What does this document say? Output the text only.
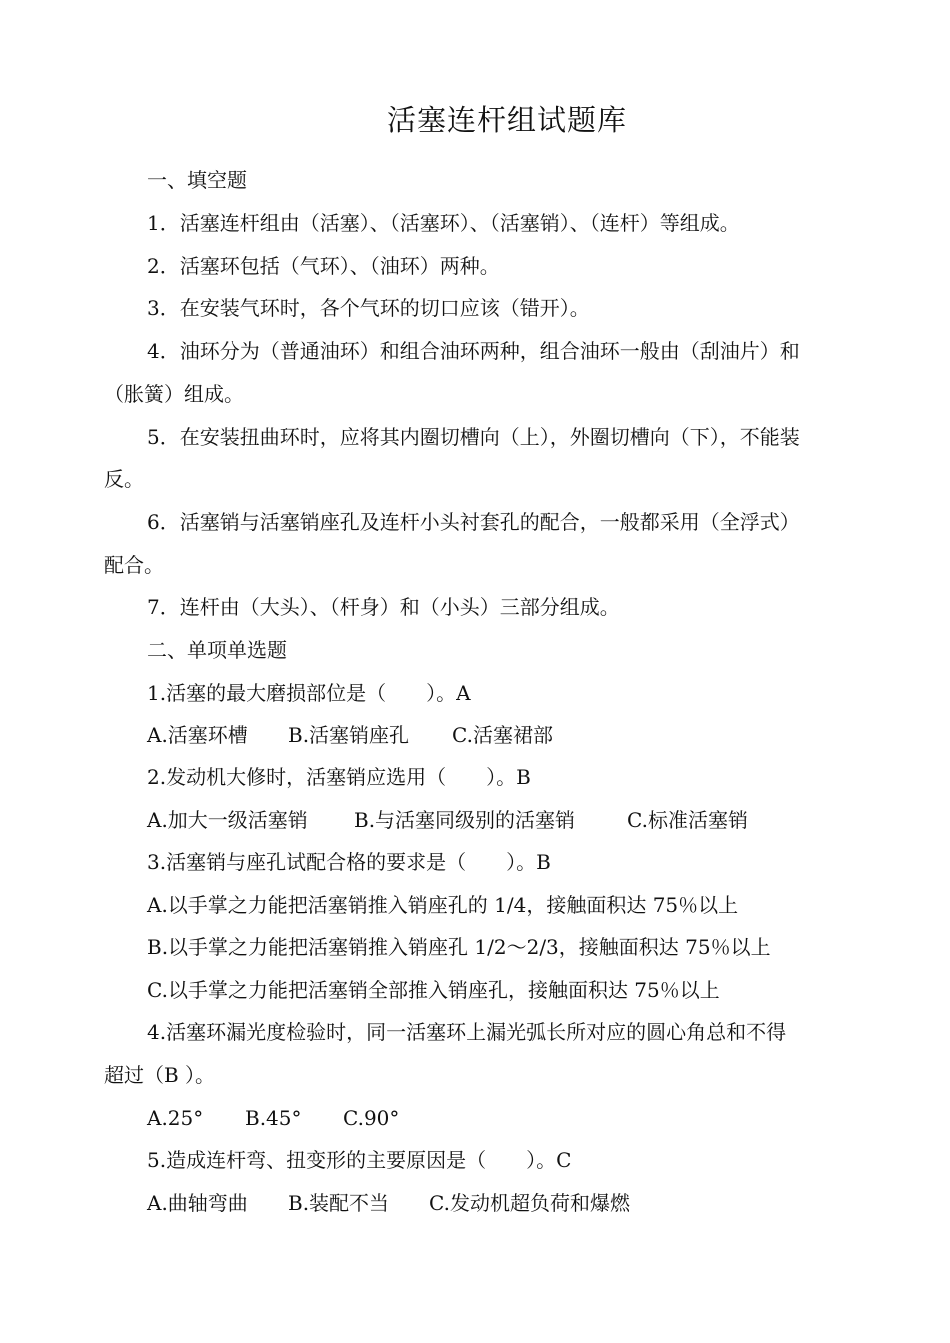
活塞连杆组试题库
一、填空题
1．活塞连杆组由（活塞）、（活塞环）、（活塞销）、（连杆）等组成。
2．活塞环包括（气环）、（油环）两种。
3．在安装气环时，各个气环的切口应该（错开）。
4．油环分为（普通油环）和组合油环两种，组合油环一般由（刮油片）和
（胀簧）组成。
5．在安装扭曲环时，应将其内圈切槽向（上），外圈切槽向（下），不能装
反。
6．活塞销与活塞销座孔及连杆小头衬套孔的配合，一般都采用（全浮式）
配合。
7．连杆由（大头）、（杆身）和（小头）三部分组成。
二、单项单选题
1.活塞的最大磨损部位是（　　）。A
A.活塞环槽 B.活塞销座孔 C.活塞裙部
2.发动机大修时，活塞销应选用（　　）。B
A.加大一级活塞销 B.与活塞同级别的活塞销	C.标准活塞销
3.活塞销与座孔试配合格的要求是（　　）。B
A.以手掌之力能把活塞销推入销座孔的 1/4，接触面积达 75％以上
B.以手掌之力能把活塞销推入销座孔 1/2～2/3，接触面积达 75％以上
C.以手掌之力能把活塞销全部推入销座孔，接触面积达 75％以上
4.活塞环漏光度检验时，同一活塞环上漏光弧长所对应的圆心角总和不得
超过（B ）。
A.25° B.45° C.90°
5.造成连杆弯、扭变形的主要原因是（　　）。C
A.曲轴弯曲 B.装配不当 C.发动机超负荷和爆燃
